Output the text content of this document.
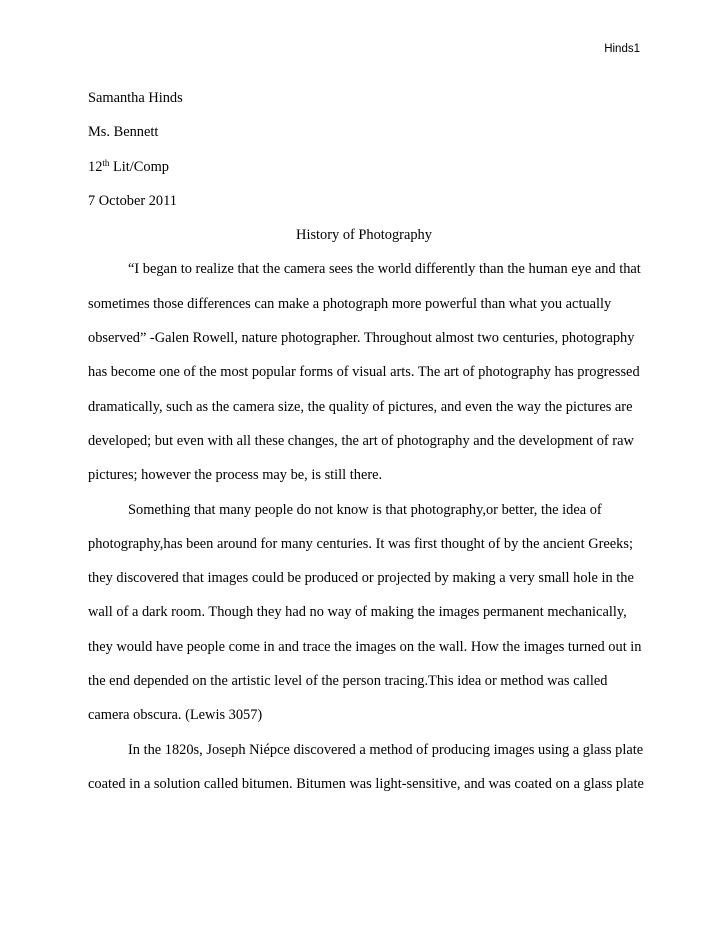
Hinds1
Samantha Hinds
Ms. Bennett
12th Lit/Comp
7 October 2011
History of Photography
“I began to realize that the camera sees the world differently than the human eye and that
sometimes those differences can make a photograph more powerful than what you actually
observed” -Galen Rowell, nature photographer. Throughout almost two centuries, photography
has become one of the most popular forms of visual arts. The art of photography has progressed
dramatically, such as the camera size, the quality of pictures, and even the way the pictures are
developed; but even with all these changes, the art of photography and the development of raw
pictures; however the process may be, is still there.
Something that many people do not know is that photography,or better, the idea of
photography,has been around for many centuries. It was first thought of by the ancient Greeks;
they discovered that images could be produced or projected by making a very small hole in the
wall of a dark room. Though they had no way of making the images permanent mechanically,
they would have people come in and trace the images on the wall. How the images turned out in
the end depended on the artistic level of the person tracing.This idea or method was called
camera obscura. (Lewis 3057)
In the 1820s, Joseph Niépce discovered a method of producing images using a glass plate
coated in a solution called bitumen. Bitumen was light-sensitive, and was coated on a glass plate
